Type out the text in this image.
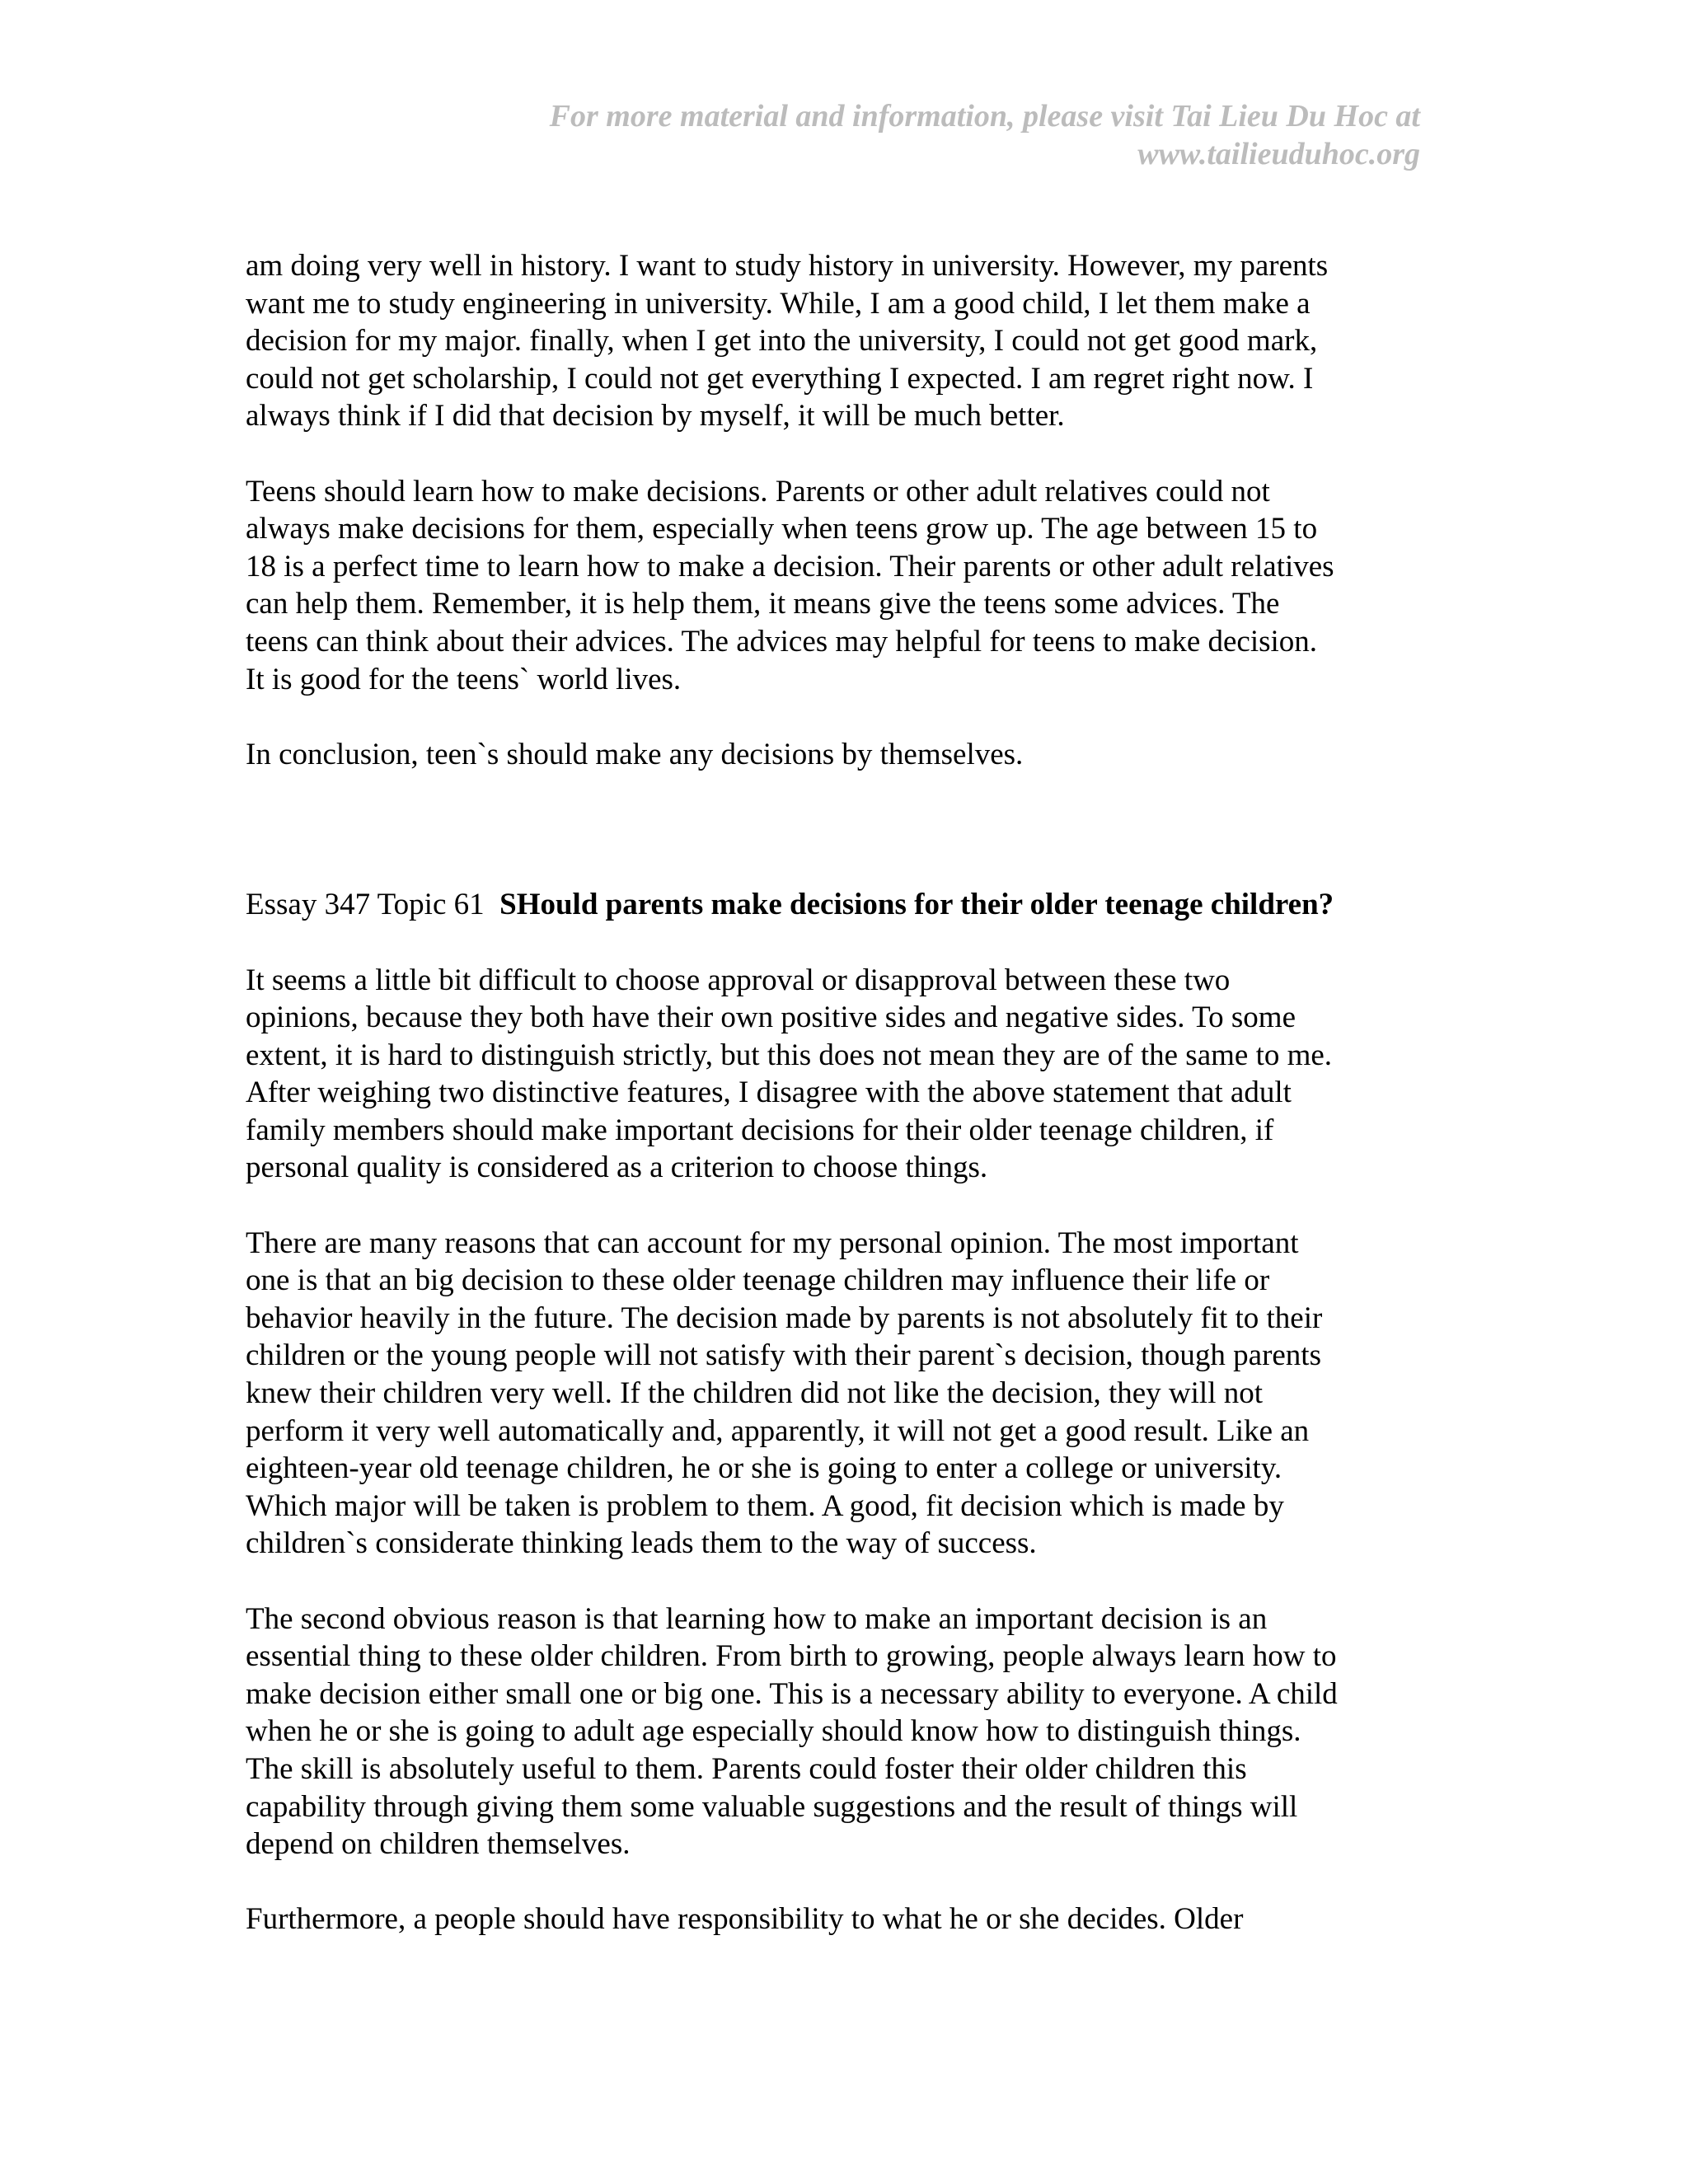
For more material and information, please visit Tai Lieu Du Hoc at
www.tailieuduhoc.org
am doing very well in history. I want to study history in university. However, my parents
want me to study engineering in university. While, I am a good child, I let them make a
decision for my major. finally, when I get into the university, I could not get good mark,
could not get scholarship, I could not get everything I expected. I am regret right now. I
always think if I did that decision by myself, it will be much better.
Teens should learn how to make decisions. Parents or other adult relatives could not
always make decisions for them, especially when teens grow up. The age between 15 to
18 is a perfect time to learn how to make a decision. Their parents or other adult relatives
can help them. Remember, it is help them, it means give the teens some advices. The
teens can think about their advices. The advices may helpful for teens to make decision.
It is good for the teens` world lives.
In conclusion, teen`s should make any decisions by themselves.
Essay 347 Topic 61 SHould parents make decisions for their older teenage children?
It seems a little bit difficult to choose approval or disapproval between these two
opinions, because they both have their own positive sides and negative sides. To some
extent, it is hard to distinguish strictly, but this does not mean they are of the same to me.
After weighing two distinctive features, I disagree with the above statement that adult
family members should make important decisions for their older teenage children, if
personal quality is considered as a criterion to choose things.
There are many reasons that can account for my personal opinion. The most important
one is that an big decision to these older teenage children may influence their life or
behavior heavily in the future. The decision made by parents is not absolutely fit to their
children or the young people will not satisfy with their parent`s decision, though parents
knew their children very well. If the children did not like the decision, they will not
perform it very well automatically and, apparently, it will not get a good result. Like an
eighteen-year old teenage children, he or she is going to enter a college or university.
Which major will be taken is problem to them. A good, fit decision which is made by
children`s considerate thinking leads them to the way of success.
The second obvious reason is that learning how to make an important decision is an
essential thing to these older children. From birth to growing, people always learn how to
make decision either small one or big one. This is a necessary ability to everyone. A child
when he or she is going to adult age especially should know how to distinguish things.
The skill is absolutely useful to them. Parents could foster their older children this
capability through giving them some valuable suggestions and the result of things will
depend on children themselves.
Furthermore, a people should have responsibility to what he or she decides. Older
